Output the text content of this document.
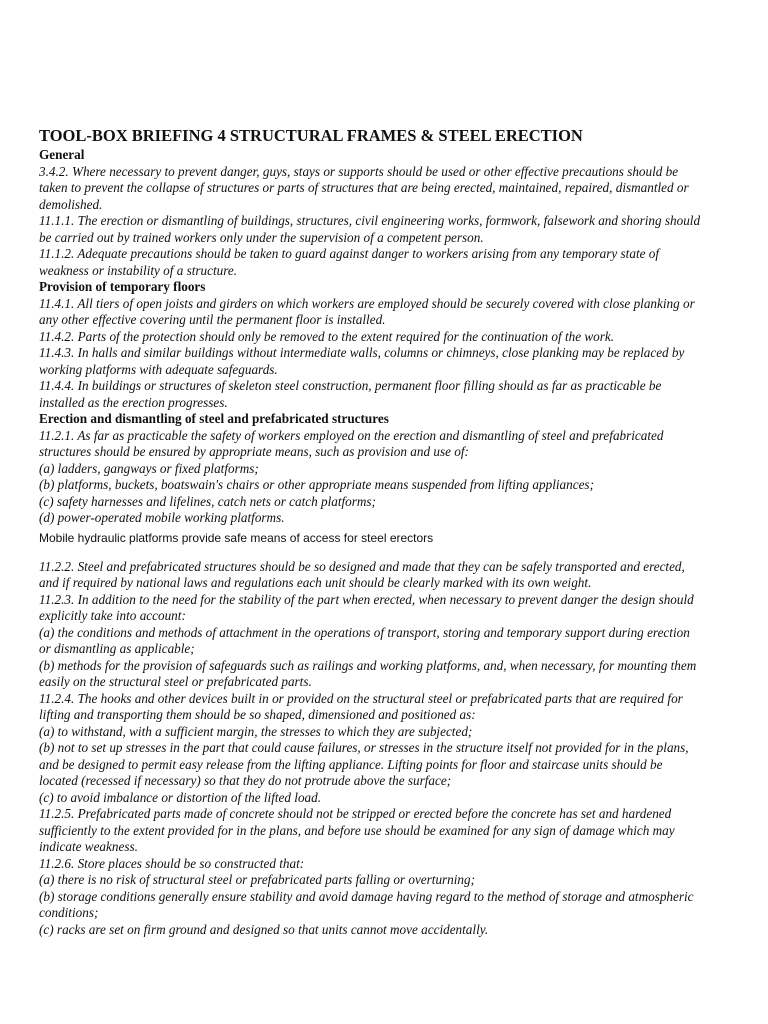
TOOL-BOX BRIEFING 4 STRUCTURAL FRAMES & STEEL ERECTION
General

3.4.2. Where necessary to prevent danger, guys, stays or supports should be used or other effective precautions should be taken to prevent the collapse of structures or parts of structures that are being erected, maintained, repaired, dismantled or demolished.

11.1.1. The erection or dismantling of buildings, structures, civil engineering works, formwork, falsework and shoring should be carried out by trained workers only under the supervision of a competent person.

11.1.2. Adequate precautions should be taken to guard against danger to workers arising from any temporary state of weakness or instability of a structure.

Provision of temporary floors

11.4.1. All tiers of open joists and girders on which workers are employed should be securely covered with close planking or any other effective covering until the permanent floor is installed.

11.4.2. Parts of the protection should only be removed to the extent required for the continuation of the work.

11.4.3. In halls and similar buildings without intermediate walls, columns or chimneys, close planking may be replaced by working platforms with adequate safeguards.

11.4.4. In buildings or structures of skeleton steel construction, permanent floor filling should as far as practicable be installed as the erection progresses.

Erection and dismantling of steel and prefabricated structures

11.2.1. As far as practicable the safety of workers employed on the erection and dismantling of steel and prefabricated structures should be ensured by appropriate means, such as provision and use of:

(a) ladders, gangways or fixed platforms;

(b) platforms, buckets, boatswain's chairs or other appropriate means suspended from lifting appliances;

(c) safety harnesses and lifelines, catch nets or catch platforms;

(d) power-operated mobile working platforms.

Mobile hydraulic platforms provide safe means of access for steel erectors

11.2.2. Steel and prefabricated structures should be so designed and made that they can be safely transported and erected, and if required by national laws and regulations each unit should be clearly marked with its own weight.

11.2.3. In addition to the need for the stability of the part when erected, when necessary to prevent danger the design should explicitly take into account:

(a) the conditions and methods of attachment in the operations of transport, storing and temporary support during erection or dismantling as applicable;

(b) methods for the provision of safeguards such as railings and working platforms, and, when necessary, for mounting them easily on the structural steel or prefabricated parts.

11.2.4. The hooks and other devices built in or provided on the structural steel or prefabricated parts that are required for lifting and transporting them should be so shaped, dimensioned and positioned as:

(a) to withstand, with a sufficient margin, the stresses to which they are subjected;

(b) not to set up stresses in the part that could cause failures, or stresses in the structure itself not provided for in the plans, and be designed to permit easy release from the lifting appliance. Lifting points for floor and staircase units should be located (recessed if necessary) so that they do not protrude above the surface;

(c) to avoid imbalance or distortion of the lifted load.

11.2.5. Prefabricated parts made of concrete should not be stripped or erected before the concrete has set and hardened sufficiently to the extent provided for in the plans, and before use should be examined for any sign of damage which may indicate weakness.

11.2.6. Store places should be so constructed that:

(a) there is no risk of structural steel or prefabricated parts falling or overturning;

(b) storage conditions generally ensure stability and avoid damage having regard to the method of storage and atmospheric conditions;

(c) racks are set on firm ground and designed so that units cannot move accidentally.
